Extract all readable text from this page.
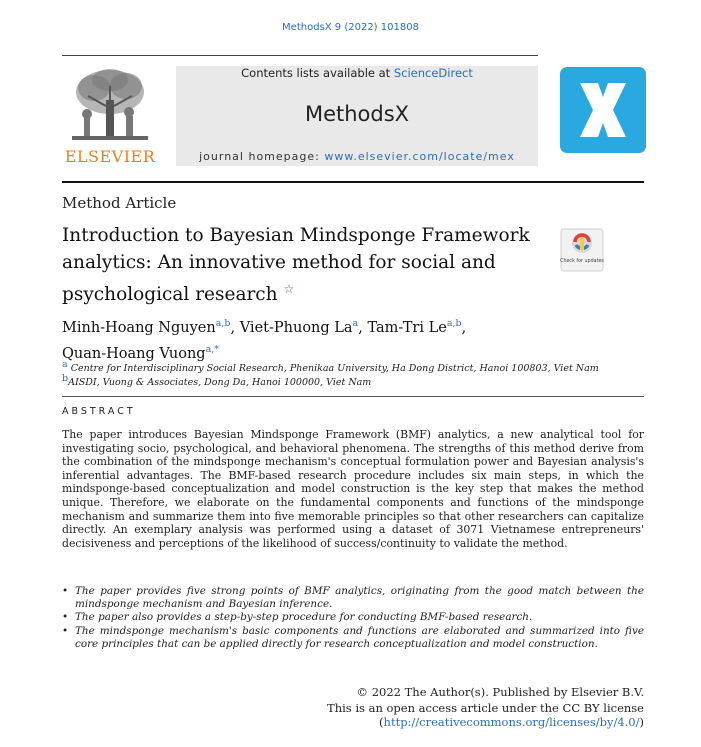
MethodsX 9 (2022) 101808
ELSEVIER
Contents lists available at ScienceDirect
MethodsX
journal homepage: www.elsevier.com/locate/mex
Method Article
Introduction to Bayesian Mindsponge Framework analytics: An innovative method for social and psychological research ☆
Check for updates
Minh-Hoang Nguyen$^{a,b}$, Viet-Phuong La$^a$, Tam-Tri Le$^{a,b}$,
Quan-Hoang Vuong$^{a,*}$
a Centre for Interdisciplinary Social Research, Phenikaa University, Ha Dong District, Hanoi 100803, Viet Nam
bAISDI, Vuong & Associates, Dong Da, Hanoi 100000, Viet Nam
ABSTRACT
The paper introduces Bayesian Mindsponge Framework (BMF) analytics, a new analytical tool for investigating socio, psychological, and behavioral phenomena. The strengths of this method derive from the combination of the mindsponge mechanism's conceptual formulation power and Bayesian analysis's inferential advantages. The BMF-based research procedure includes six main steps, in which the mindsponge-based conceptualization and model construction is the key step that makes the method unique. Therefore, we elaborate on the fundamental components and functions of the mindsponge mechanism and summarize them into five memorable principles so that other researchers can capitalize directly. An exemplary analysis was performed using a dataset of 3071 Vietnamese entrepreneurs' decisiveness and perceptions of the likelihood of success/continuity to validate the method.
• The paper provides five strong points of BMF analytics, originating from the good match between the mindsponge mechanism and Bayesian inference.
• The paper also provides a step-by-step procedure for conducting BMF-based research.
• The mindsponge mechanism's basic components and functions are elaborated and summarized into five core principles that can be applied directly for research conceptualization and model construction.
© 2022 The Author(s). Published by Elsevier B.V.
This is an open access article under the CC BY license (http://creativecommons.org/licenses/by/4.0/)
